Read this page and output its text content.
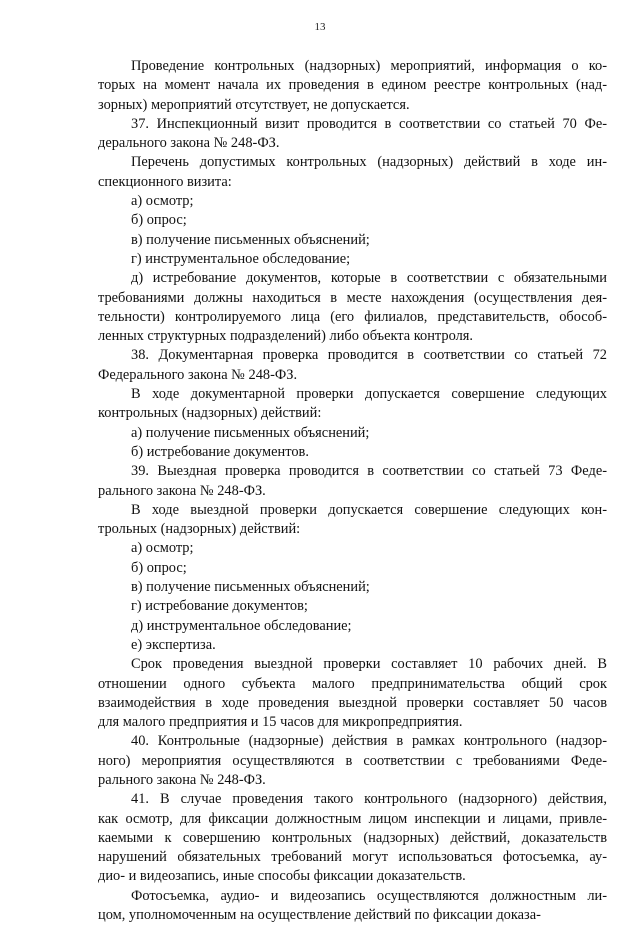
13
Проведение контрольных (надзорных) мероприятий, информация о ко-
торых на момент начала их проведения в едином реестре контрольных (над-
зорных) мероприятий отсутствует, не допускается.
37. Инспекционный визит проводится в соответствии со статьей 70 Фе-
дерального закона № 248-ФЗ.
Перечень допустимых контрольных (надзорных) действий в ходе ин-
спекционного визита:
а) осмотр;
б) опрос;
в) получение письменных объяснений;
г) инструментальное обследование;
д) истребование документов, которые в соответствии с обязательными
требованиями должны находиться в месте нахождения (осуществления дея-
тельности) контролируемого лица (его филиалов, представительств, обособ-
ленных структурных подразделений) либо объекта контроля.
38. Документарная проверка проводится в соответствии со статьей 72
Федерального закона № 248-ФЗ.
В ходе документарной проверки допускается совершение следующих
контрольных (надзорных) действий:
а) получение письменных объяснений;
б) истребование документов.
39. Выездная проверка проводится в соответствии со статьей 73 Феде-
рального закона № 248-ФЗ.
В ходе выездной проверки допускается совершение следующих кон-
трольных (надзорных) действий:
а) осмотр;
б) опрос;
в) получение письменных объяснений;
г) истребование документов;
д) инструментальное обследование;
е) экспертиза.
Срок проведения выездной проверки составляет 10 рабочих дней. В
отношении одного субъекта малого предпринимательства общий срок
взаимодействия в ходе проведения выездной проверки составляет 50 часов
для малого предприятия и 15 часов для микропредприятия.
40. Контрольные (надзорные) действия в рамках контрольного (надзор-
ного) мероприятия осуществляются в соответствии с требованиями Феде-
рального закона № 248-ФЗ.
41. В случае проведения такого контрольного (надзорного) действия,
как осмотр, для фиксации должностным лицом инспекции и лицами, привле-
каемыми к совершению контрольных (надзорных) действий, доказательств
нарушений обязательных требований могут использоваться фотосъемка, ау-
дио- и видеозапись, иные способы фиксации доказательств.
Фотосъемка, аудио- и видеозапись осуществляются должностным ли-
цом, уполномоченным на осуществление действий по фиксации доказа-
